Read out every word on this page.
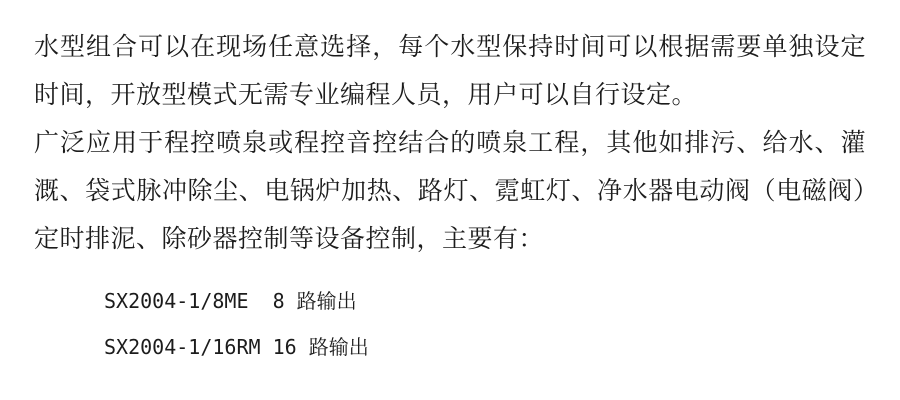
水型组合可以在现场任意选择，每个水型保持时间可以根据需要单独设定时间，开放型模式无需专业编程人员，用户可以自行设定。

广泛应用于程控喷泉或程控音控结合的喷泉工程，其他如排污、给水、灌溉、袋式脉冲除尘、电锅炉加热、路灯、霓虹灯、净水器电动阀（电磁阀）定时排泥、除砂器控制等设备控制，主要有：

SX2004-1/8ME  8 路输出
SX2004-1/16RM 16 路输出
